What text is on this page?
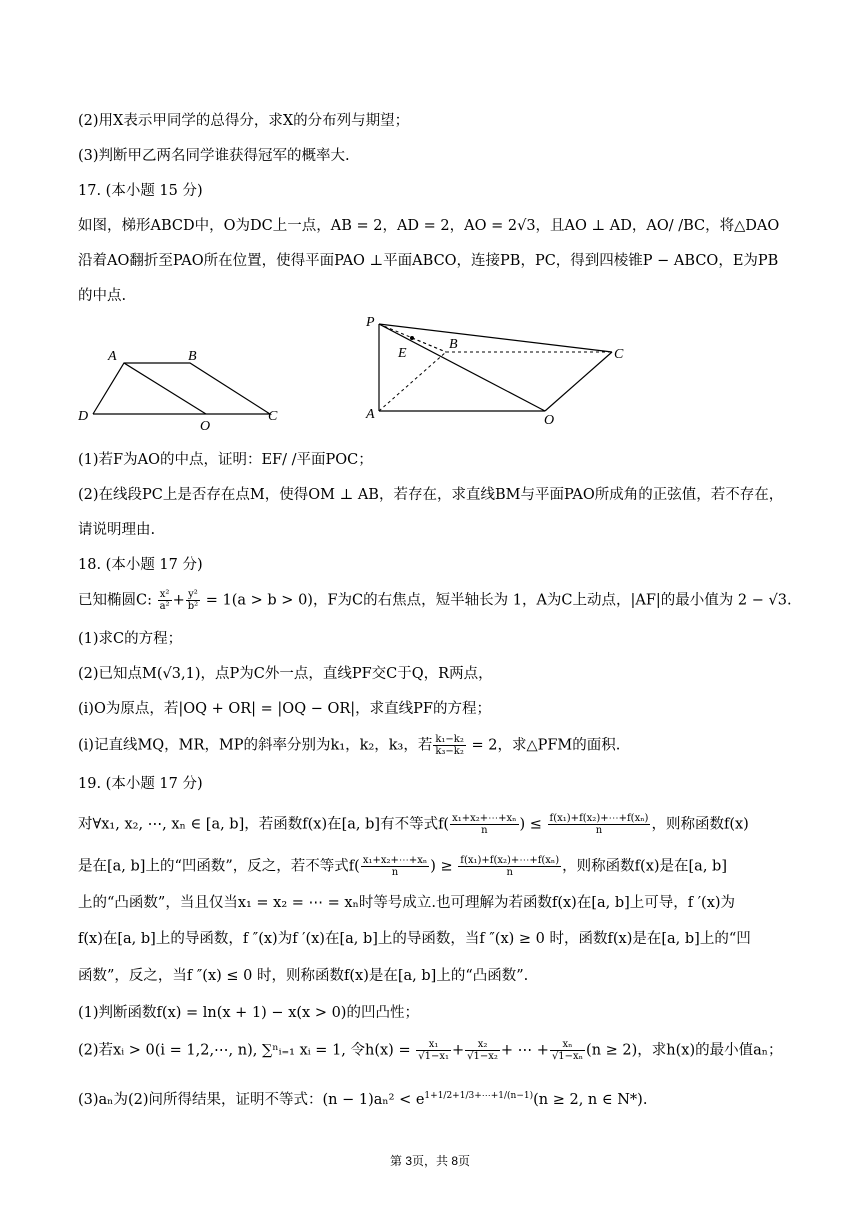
(2)用X表示甲同学的总得分，求X的分布列与期望；
(3)判断甲乙两名同学谁获得冠军的概率大.
17. (本小题 15 分)
如图，梯形ABCD中，O为DC上一点，AB = 2，AD = 2，AO = 2√3，且AO ⊥ AD，AO/ /BC，将△DAO
沿着AO翻折至PAO所在位置，使得平面PAO ⊥平面ABCO，连接PB，PC，得到四棱锥P − ABCO，E为PB
的中点.
A	B
D
O
C
P
E
B
C
A	O
(1)若F为AO的中点，证明：EF/ /平面POC；
(2)在线段PC上是否存在点M，使得OM ⊥ AB，若存在，求直线BM与平面PAO所成角的正弦值，若不存在，
请说明理由.
18. (本小题 17 分)
已知椭圆C: $\frac{\text{x²}}{\text{a²}} + \frac{\text{y²}}{\text{b²}} = 1(a > b > 0)$，F为C的右焦点，短半轴长为 1，A为C上动点，|AF|的最小值为 2 − √3.
(1)求C的方程；
(2)已知点M(√3,1)，点P为C外一点，直线PF交C于Q，R两点，
(i)O为原点，若|OQ + OR| = |OQ − OR|，求直线PF的方程；
(i)记直线MQ，MR，MP的斜率分别为k₁，k₂，k₃，若 $\frac{\text{k₁−k₂}}{\text{k₃−k₂}} = 2$，求△PFM的面积.
19. (本小题 17 分)
对∀x₁, x₂, ⋯, xₙ ∈ [a, b]，若函数f(x)在[a, b]有不等式$f( \frac{\text{x₁+x₂+⋯+xₙ}}{n}$ ) ≤ $\frac{\text{f(x₁)+f(x₂)+⋯+f(xₙ)}}{n}$ ，则称函数f(x)
是在[a, b]上的“凹函数”，反之，若不等式$f( \frac{\text{x₁+x₂+⋯+xₙ}}{n}$ ) ≥ $\frac{\text{f(x₁)+f(x₂)+⋯+f(xₙ)}}{n}$ ，则称函数f(x)是在[a, b]
上的“凸函数”，当且仅当x₁ = x₂ = ⋯ = xₙ时等号成立.也可理解为若函数f(x)在[a, b]上可导，f ′(x)为
f(x)在[a, b]上的导函数，f ″(x)为f ′(x)在[a, b]上的导函数，当f ″(x) ≥ 0 时，函数f(x)是在[a, b]上的“凹
函数”，反之，当f ″(x) ≤ 0 时，则称函数f(x)是在[a, b]上的“凸函数”.
(1)判断函数f(x) = ln(x + 1) − x(x > 0)的凹凸性；
(2)若xᵢ > 0(i = 1,2,⋯, n), ∑ⁿᵢ₌₁ xᵢ = 1, 令$h(x) = \frac{\text{x₁}}{\text{√1−x₁}} + \frac{\text{x₂}}{\text{√1−x₂}}$ + ⋯ + $\frac{\text{xₙ}}{\text{√1−xₙ}} (n \ge 2)$，求h(x)的最小值aₙ；
(3)aₙ为(2)问所得结果，证明不等式：$(n - 1)a_n^2 < e^{1+1/2+1/3+\cdots+1/(n-1)}(n \ge 2$, n ∈ N*).
第 3页，共 8页
